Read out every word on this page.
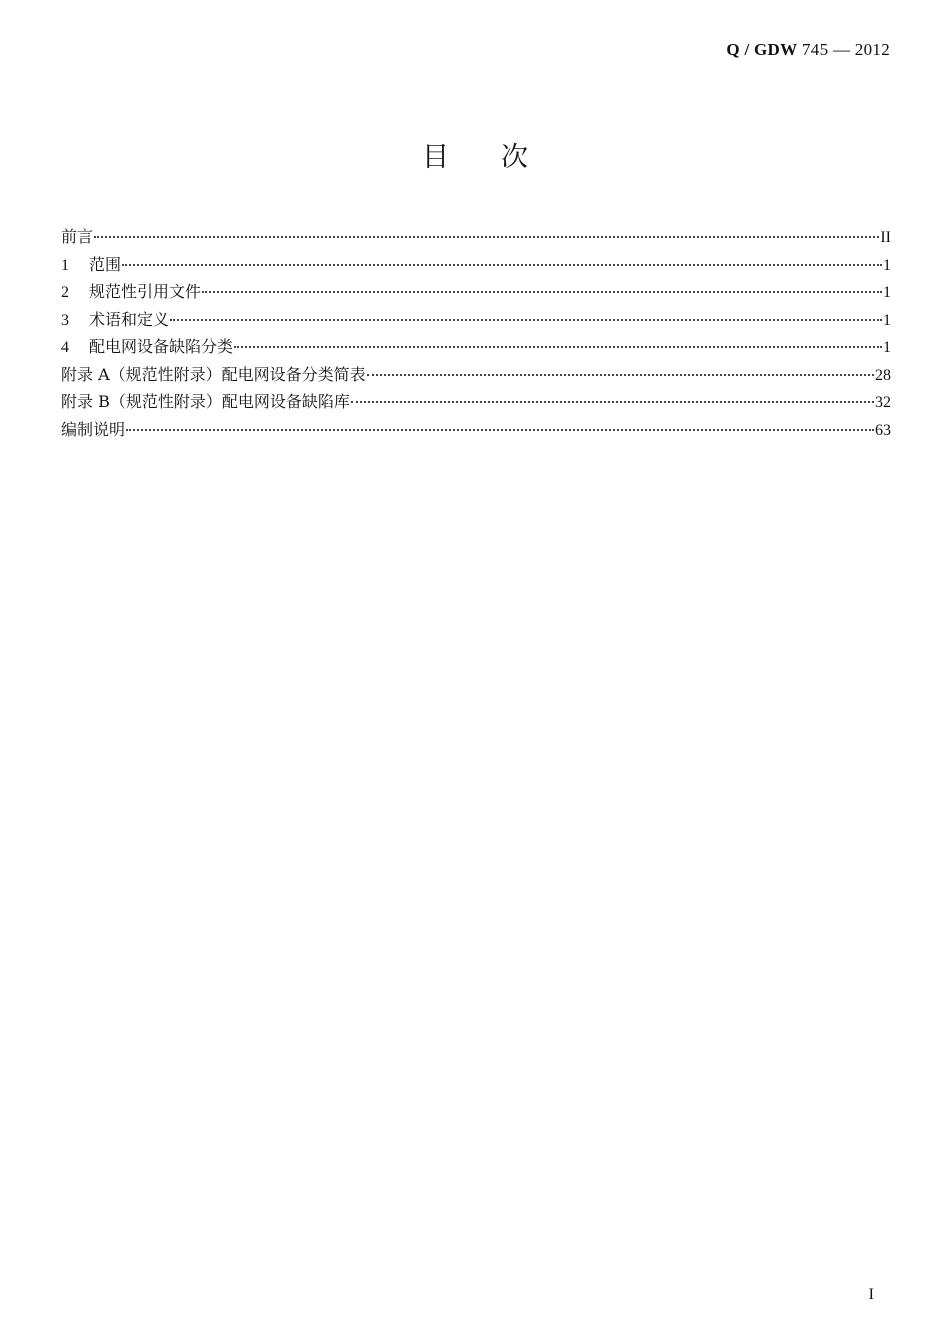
Q / GDW 745 — 2012
目次
前言	II
1	范围	1
2	规范性引用文件	1
3	术语和定义	1
4	配电网设备缺陷分类	1
附录 A（规范性附录）配电网设备分类简表	28
附录 B（规范性附录）配电网设备缺陷库	32
编制说明	63
I
